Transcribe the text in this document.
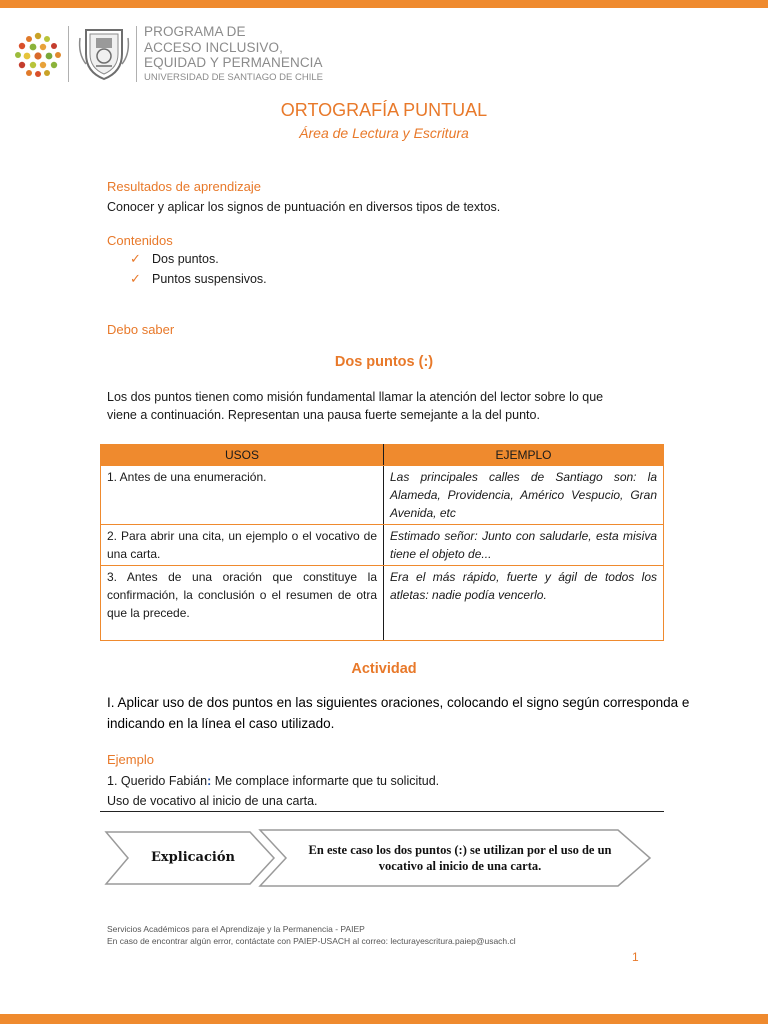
PROGRAMA DE
ACCESO INCLUSIVO,
EQUIDAD Y PERMANENCIA
UNIVERSIDAD DE SANTIAGO DE CHILE
ORTOGRAFÍA PUNTUAL
Área de Lectura y Escritura
Resultados de aprendizaje
Conocer y aplicar los signos de puntuación en diversos tipos de textos.
Contenidos
✓ Dos puntos.
✓ Puntos suspensivos.
Debo saber
Dos puntos (:)
Los dos puntos tienen como misión fundamental llamar la atención del lector sobre lo que
viene a continuación. Representan una pausa fuerte semejante a la del punto.
USOS	EJEMPLO
1. Antes de una enumeración.	Las principales calles de Santiago son: la Alameda, Providencia, Américo Vespucio, Gran Avenida, etc
2. Para abrir una cita, un ejemplo o el vocativo de una carta.	Estimado señor: Junto con saludarle, esta misiva tiene el objeto de...
3. Antes de una oración que constituye la confirmación, la conclusión o el resumen de otra que la precede.	Era el más rápido, fuerte y ágil de todos los atletas: nadie podía vencerlo.
Actividad
I. Aplicar uso de dos puntos en las siguientes oraciones, colocando el signo según corresponda e indicando en la línea el caso utilizado.
Ejemplo
1. Querido Fabián: Me complace informarte que tu solicitud.
Uso de vocativo al inicio de una carta.
Explicación	En este caso los dos puntos (:) se utilizan por el uso de un vocativo al inicio de una carta.
Servicios Académicos para el Aprendizaje y la Permanencia - PAIEP
En caso de encontrar algún error, contáctate con PAIEP-USACH al correo: lecturayescritura.paiep@usach.cl
1
